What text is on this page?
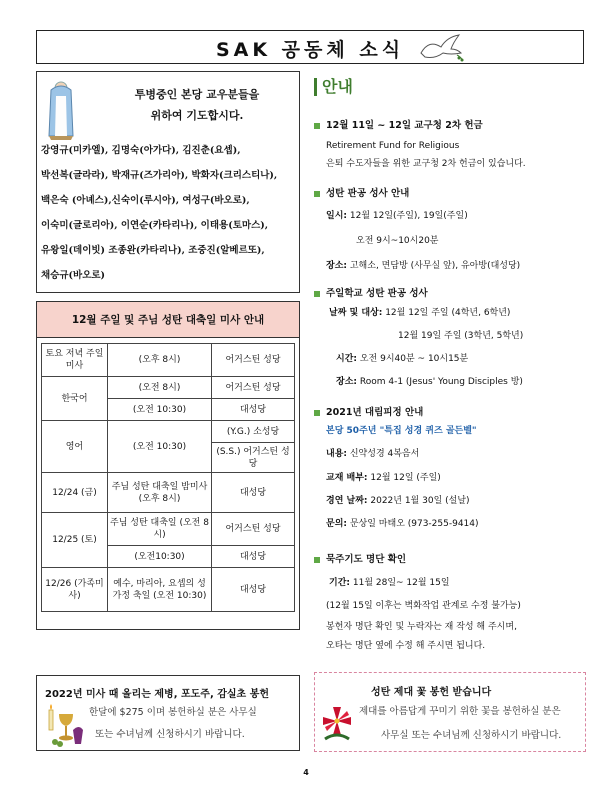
SAK 공동체 소식
투병중인 본당 교우분들을
위하여 기도합시다.
강영규(미카엘), 김명숙(아가다), 김진춘(요셉),
박선복(글라라), 박재규(즈가리아), 박화자(크리스티나),
백은숙 (아녜스),신숙이(루시아), 여성구(바오로),
이숙미(글로리아), 이연순(카타리나), 이태용(토마스),
유왕일(데이빗) 조종완(카타리나), 조중진(알베르또),
채승규(바오로)
12월 주일 및 주님 성탄 대축일 미사 안내
토요 저녁 주일미사	(오후 8시)	어거스틴 성당
한국어	(오전 8시)	어거스틴 성당
	(오전 10:30)	대성당
영어	(오전 10:30)	(Y.G.) 소성당
		(S.S.) 어거스틴 성당
12/24 (금)	주님 성탄 대축일 밤미사 (오후 8시)	대성당
12/25 (토)	주님 성탄 대축일 (오전 8시)	어거스틴 성당
	(오전10:30)	대성당
12/26 (가족미사)	예수, 마리아, 요셉의 성가정 축일 (오전 10:30)	대성당
안내
12월 11일 ~ 12일 교구청 2차 헌금
Retirement Fund for Religious
은퇴 수도자들을 위한 교구청 2차 헌금이 있습니다.
성탄 판공 성사 안내
일시: 12월 12일(주일), 19일(주일)
오전 9시~10시20분
장소: 고해소, 면담방 (사무실 앞), 유아방(대성당)
주일학교 성탄 판공 성사
날짜 및 대상: 12월 12일 주일 (4학년, 6학년)
12월 19일 주일 (3학년, 5학년)
시간: 오전 9시40분 ~ 10시15분
장소: Room 4-1 (Jesus' Young Disciples 방)
2021년 대림피정 안내
본당 50주년 "특집 성경 퀴즈 골든벨"
내용: 신약성경 4복음서
교재 배부: 12월 12일 (주일)
경연 날짜: 2022년 1월 30일 (설날)
문의: 문상일 마태오 (973-255-9414)
묵주기도 명단 확인
기간: 11월 28일~ 12월 15일
(12월 15일 이후는 벽화작업 관계로 수정 불가능)
봉헌자 명단 확인 및 누락자는 재 작성 해 주시며,
오타는 명단 옆에 수정 해 주시면 됩니다.
2022년 미사 때 올리는 제병, 포도주, 감실초 봉헌
한달에 $275 이며 봉헌하실 분은 사무실
또는 수녀님께 신청하시기 바랍니다.
성탄 제대 꽃 봉헌 받습니다
제대를 아름답게 꾸미기 위한 꽃을 봉헌하실 분은
사무실 또는 수녀님께 신청하시기 바랍니다.
4
